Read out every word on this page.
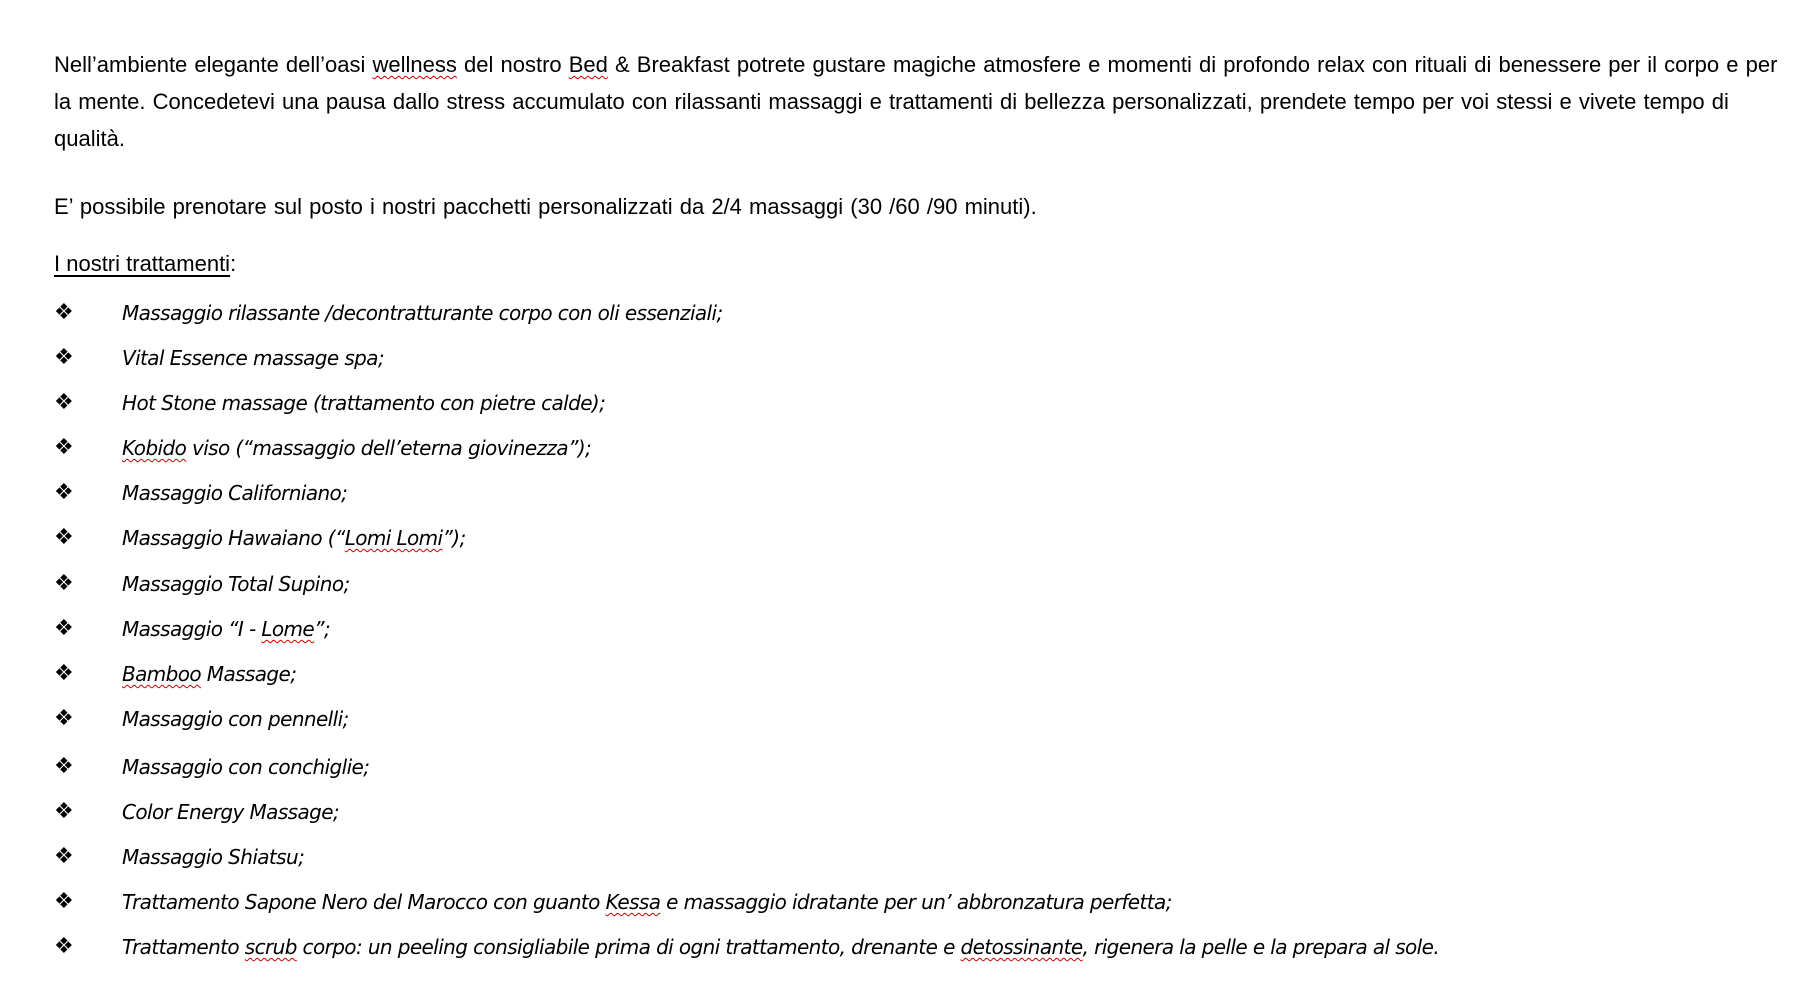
Nell’ambiente elegante dell’oasi wellness del nostro Bed & Breakfast potrete gustare magiche atmosfere e momenti di profondo relax con rituali di benessere per il corpo e per la mente. Concedetevi una pausa dallo stress accumulato con rilassanti massaggi e trattamenti di bellezza personalizzati, prendete tempo per voi stessi e vivete tempo di qualità.

E’ possibile prenotare sul posto i nostri pacchetti personalizzati da 2/4 massaggi (30 /60 /90 minuti).

I nostri trattamenti:
❖ Massaggio rilassante /decontratturante corpo con oli essenziali;
❖ Vital Essence massage spa;
❖ Hot Stone massage (trattamento con pietre calde);
❖ Kobido viso (“massaggio dell’eterna giovinezza”);
❖ Massaggio Californiano;
❖ Massaggio Hawaiano (“Lomi Lomi”);
❖ Massaggio Total Supino;
❖ Massaggio “I - Lome”;
❖ Bamboo Massage;
❖ Massaggio con pennelli;
❖ Massaggio con conchiglie;
❖ Color Energy Massage;
❖ Massaggio Shiatsu;
❖ Trattamento Sapone Nero del Marocco con guanto Kessa e massaggio idratante per un’ abbronzatura perfetta;
❖ Trattamento scrub corpo: un peeling consigliabile prima di ogni trattamento, drenante e detossinante, rigenera la pelle e la prepara al sole.
